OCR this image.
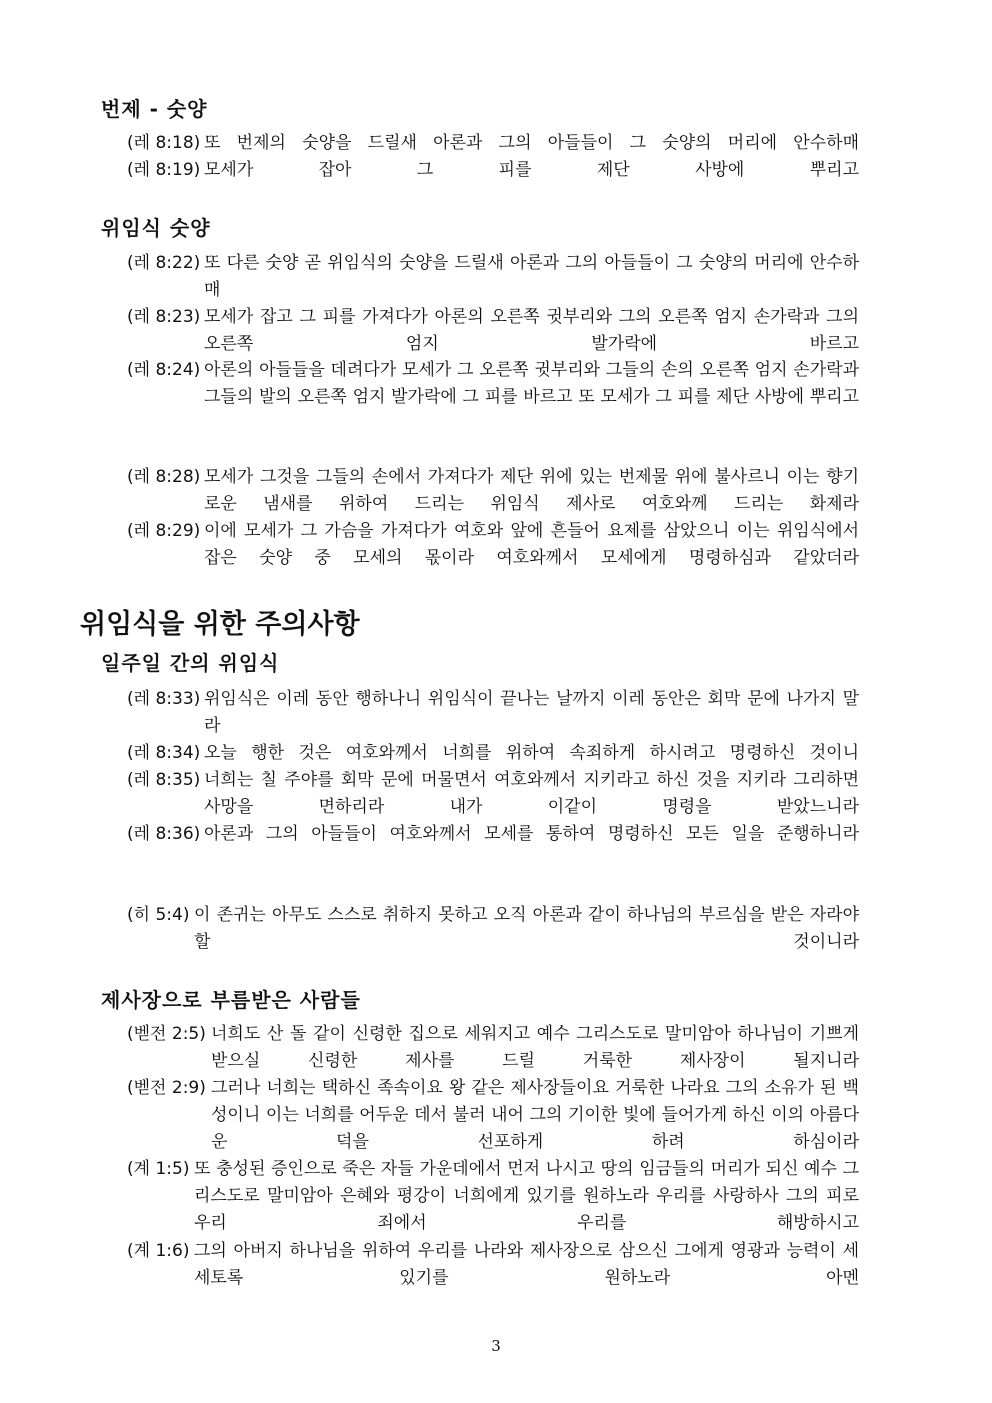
번제 - 숫양
(레 8:18) 또 번제의 숫양을 드릴새 아론과 그의 아들들이 그 숫양의 머리에 안수하매
(레 8:19) 모세가 잡아 그 피를 제단 사방에 뿌리고
위임식 숫양
(레 8:22) 또 다른 숫양 곧 위임식의 숫양을 드릴새 아론과 그의 아들들이 그 숫양의 머리에 안수하매
(레 8:23) 모세가 잡고 그 피를 가져다가 아론의 오른쪽 귓부리와 그의 오른쪽 엄지 손가락과 그의 오른쪽 엄지 발가락에 바르고
(레 8:24) 아론의 아들들을 데려다가 모세가 그 오른쪽 귓부리와 그들의 손의 오른쪽 엄지 손가락과 그들의 발의 오른쪽 엄지 발가락에 그 피를 바르고 또 모세가 그 피를 제단 사방에 뿌리고
(레 8:28) 모세가 그것을 그들의 손에서 가져다가 제단 위에 있는 번제물 위에 불사르니 이는 향기로운 냄새를 위하여 드리는 위임식 제사로 여호와께 드리는 화제라
(레 8:29) 이에 모세가 그 가슴을 가져다가 여호와 앞에 흔들어 요제를 삼았으니 이는 위임식에서 잡은 숫양 중 모세의 몫이라 여호와께서 모세에게 명령하심과 같았더라
위임식을 위한 주의사항
일주일 간의 위임식
(레 8:33) 위임식은 이레 동안 행하나니 위임식이 끝나는 날까지 이레 동안은 회막 문에 나가지 말라
(레 8:34) 오늘 행한 것은 여호와께서 너희를 위하여 속죄하게 하시려고 명령하신 것이니
(레 8:35) 너희는 칠 주야를 회막 문에 머물면서 여호와께서 지키라고 하신 것을 지키라 그리하면 사망을 면하리라 내가 이같이 명령을 받았느니라
(레 8:36) 아론과 그의 아들들이 여호와께서 모세를 통하여 명령하신 모든 일을 준행하니라
(히 5:4) 이 존귀는 아무도 스스로 취하지 못하고 오직 아론과 같이 하나님의 부르심을 받은 자라야 할 것이니라
제사장으로 부름받은 사람들
(벧전 2:5) 너희도 산 돌 같이 신령한 집으로 세워지고 예수 그리스도로 말미암아 하나님이 기쁘게 받으실 신령한 제사를 드릴 거룩한 제사장이 될지니라
(벧전 2:9) 그러나 너희는 택하신 족속이요 왕 같은 제사장들이요 거룩한 나라요 그의 소유가 된 백성이니 이는 너희를 어두운 데서 불러 내어 그의 기이한 빛에 들어가게 하신 이의 아름다운 덕을 선포하게 하려 하심이라
(계 1:5) 또 충성된 증인으로 죽은 자들 가운데에서 먼저 나시고 땅의 임금들의 머리가 되신 예수 그리스도로 말미암아 은혜와 평강이 너희에게 있기를 원하노라 우리를 사랑하사 그의 피로 우리 죄에서 우리를 해방하시고
(계 1:6) 그의 아버지 하나님을 위하여 우리를 나라와 제사장으로 삼으신 그에게 영광과 능력이 세세토록 있기를 원하노라 아멘
3
